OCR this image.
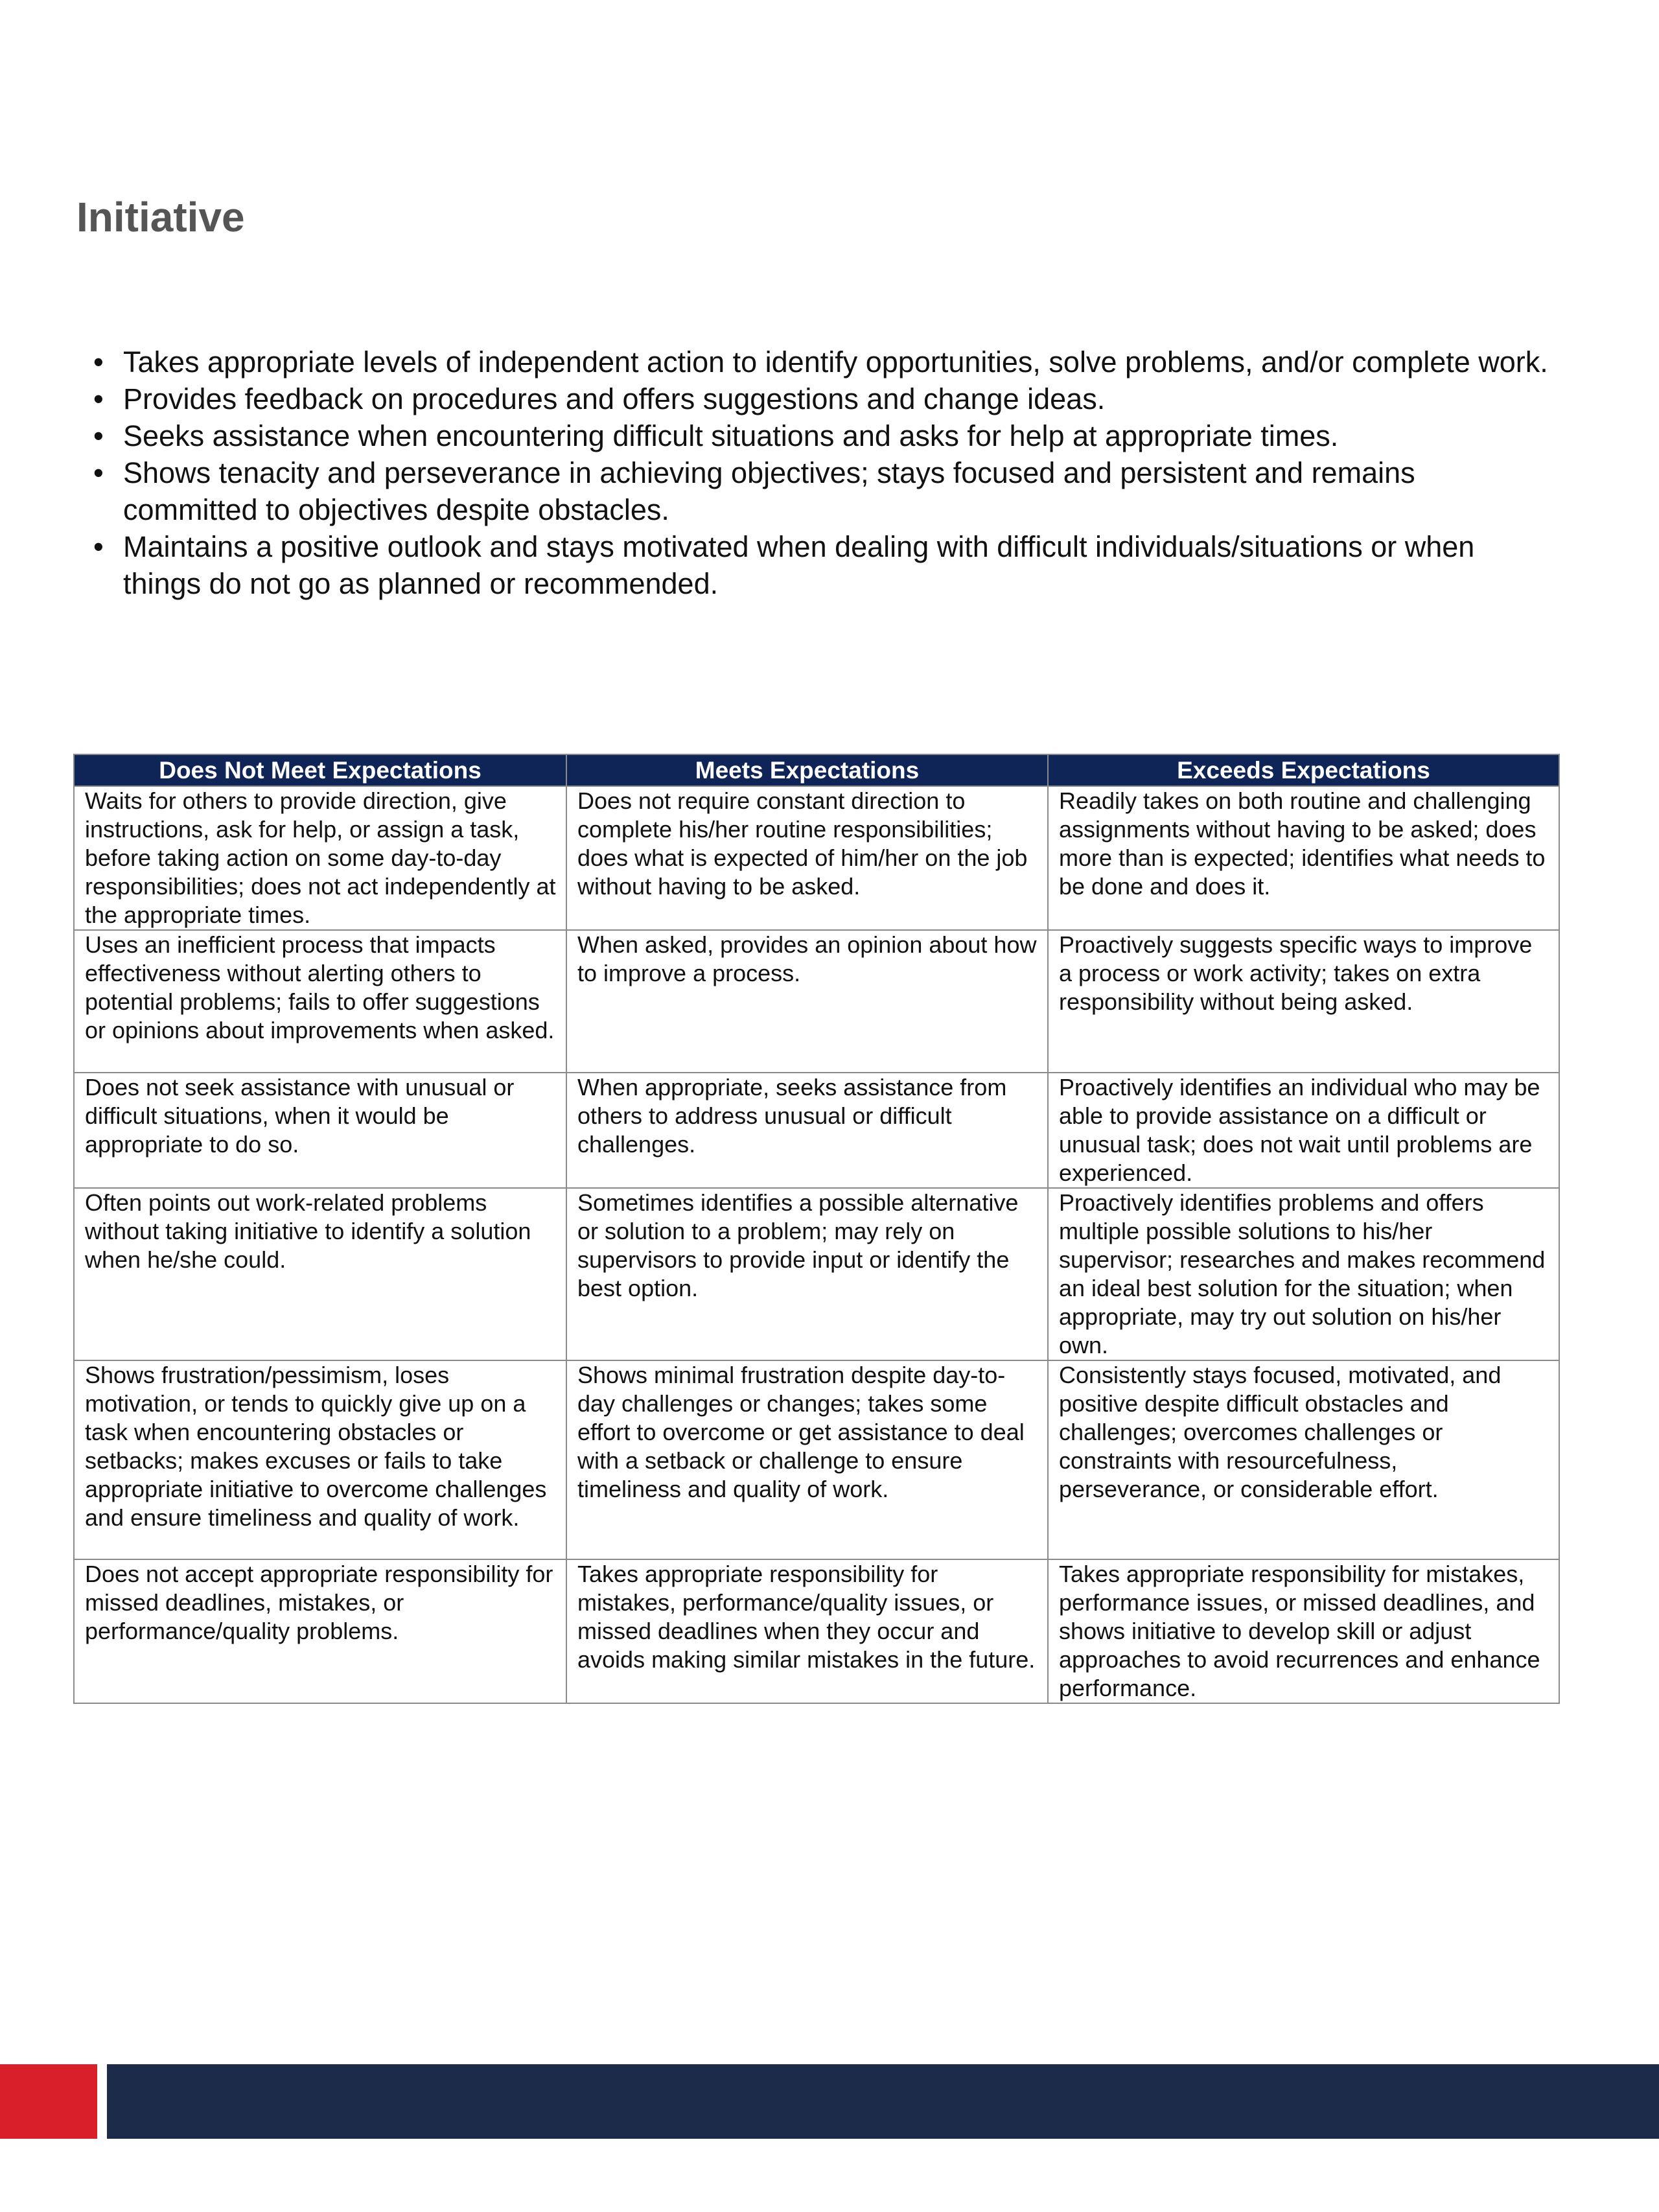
Initiative
• Takes appropriate levels of independent action to identify opportunities, solve problems, and/or complete work.
• Provides feedback on procedures and offers suggestions and change ideas.
• Seeks assistance when encountering difficult situations and asks for help at appropriate times.
• Shows tenacity and perseverance in achieving objectives; stays focused and persistent and remains committed to objectives despite obstacles.
• Maintains a positive outlook and stays motivated when dealing with difficult individuals/situations or when things do not go as planned or recommended.
Does Not Meet Expectations	Meets Expectations	Exceeds Expectations
Waits for others to provide direction, give instructions, ask for help, or assign a task, before taking action on some day-to-day responsibilities; does not act independently at the appropriate times.	Does not require constant direction to complete his/her routine responsibilities; does what is expected of him/her on the job without having to be asked.	Readily takes on both routine and challenging assignments without having to be asked; does more than is expected; identifies what needs to be done and does it.
Uses an inefficient process that impacts effectiveness without alerting others to potential problems; fails to offer suggestions or opinions about improvements when asked.	When asked, provides an opinion about how to improve a process.	Proactively suggests specific ways to improve a process or work activity; takes on extra responsibility without being asked.
Does not seek assistance with unusual or difficult situations, when it would be appropriate to do so.	When appropriate, seeks assistance from others to address unusual or difficult challenges.	Proactively identifies an individual who may be able to provide assistance on a difficult or unusual task; does not wait until problems are experienced.
Often points out work-related problems without taking initiative to identify a solution when he/she could.	Sometimes identifies a possible alternative or solution to a problem; may rely on supervisors to provide input or identify the best option.	Proactively identifies problems and offers multiple possible solutions to his/her supervisor; researches and makes recommend an ideal best solution for the situation; when appropriate, may try out solution on his/her own.
Shows frustration/pessimism, loses motivation, or tends to quickly give up on a task when encountering obstacles or setbacks; makes excuses or fails to take appropriate initiative to overcome challenges and ensure timeliness and quality of work.	Shows minimal frustration despite day-to-day challenges or changes; takes some effort to overcome or get assistance to deal with a setback or challenge to ensure timeliness and quality of work.	Consistently stays focused, motivated, and positive despite difficult obstacles and challenges; overcomes challenges or constraints with resourcefulness, perseverance, or considerable effort.
Does not accept appropriate responsibility for missed deadlines, mistakes, or performance/quality problems.	Takes appropriate responsibility for mistakes, performance/quality issues, or missed deadlines when they occur and avoids making similar mistakes in the future.	Takes appropriate responsibility for mistakes, performance issues, or missed deadlines, and shows initiative to develop skill or adjust approaches to avoid recurrences and enhance performance.
